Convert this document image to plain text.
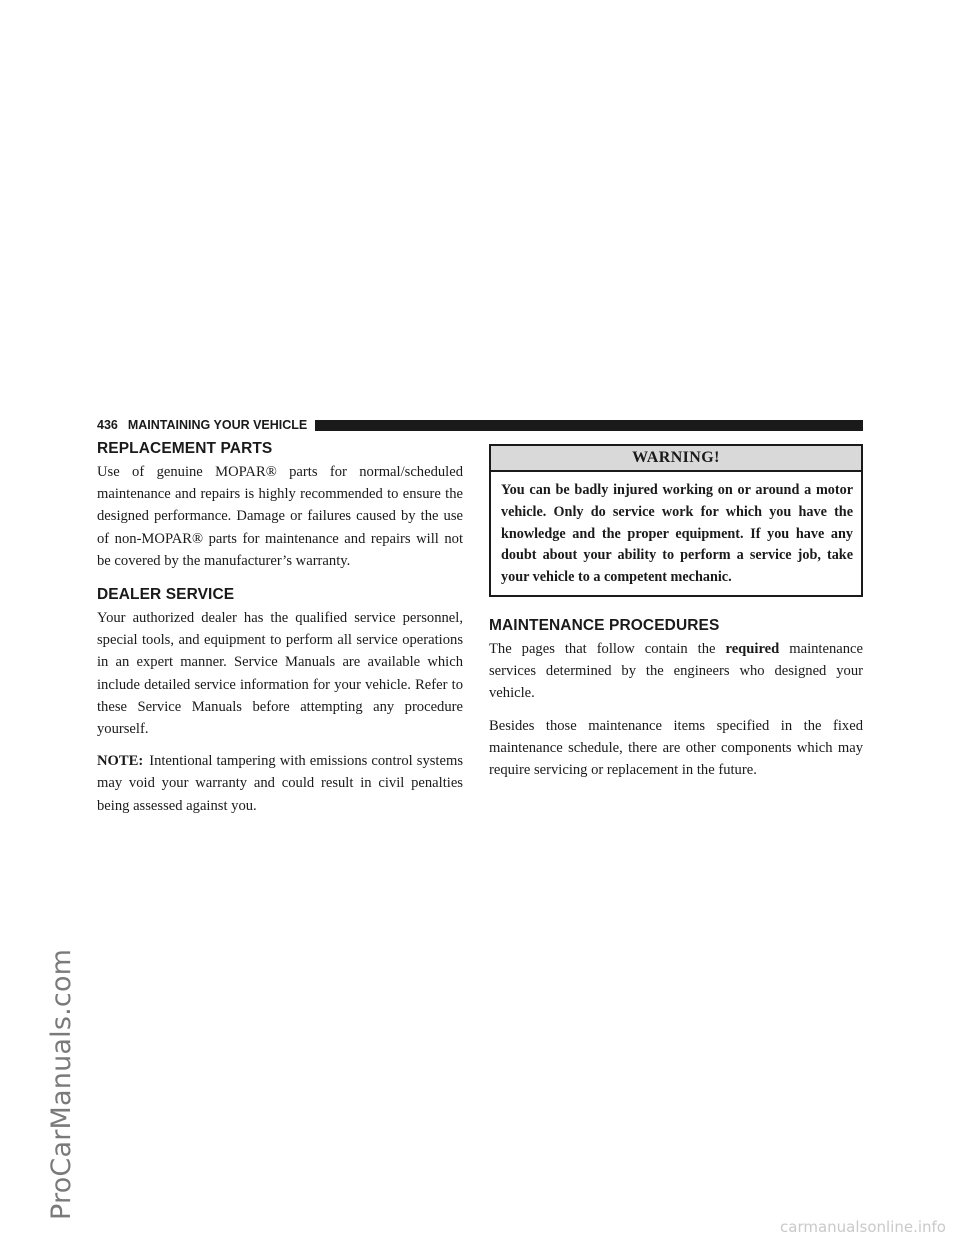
ProCarManuals.com
436 MAINTAINING YOUR VEHICLE
REPLACEMENT PARTS

Use of genuine MOPAR® parts for normal/scheduled maintenance and repairs is highly recommended to ensure the designed performance. Damage or failures caused by the use of non-MOPAR® parts for maintenance and repairs will not be covered by the manufacturer’s warranty.

DEALER SERVICE

Your authorized dealer has the qualified service personnel, special tools, and equipment to perform all service operations in an expert manner. Service Manuals are available which include detailed service information for your vehicle. Refer to these Service Manuals before attempting any procedure yourself.

NOTE: Intentional tampering with emissions control systems may void your warranty and could result in civil penalties being assessed against you.

WARNING!
You can be badly injured working on or around a motor vehicle. Only do service work for which you have the knowledge and the proper equipment. If you have any doubt about your ability to perform a service job, take your vehicle to a competent mechanic.
MAINTENANCE PROCEDURES

The pages that follow contain the required maintenance services determined by the engineers who designed your vehicle.

Besides those maintenance items specified in the fixed maintenance schedule, there are other components which may require servicing or replacement in the future.

carmanualsonline.info
